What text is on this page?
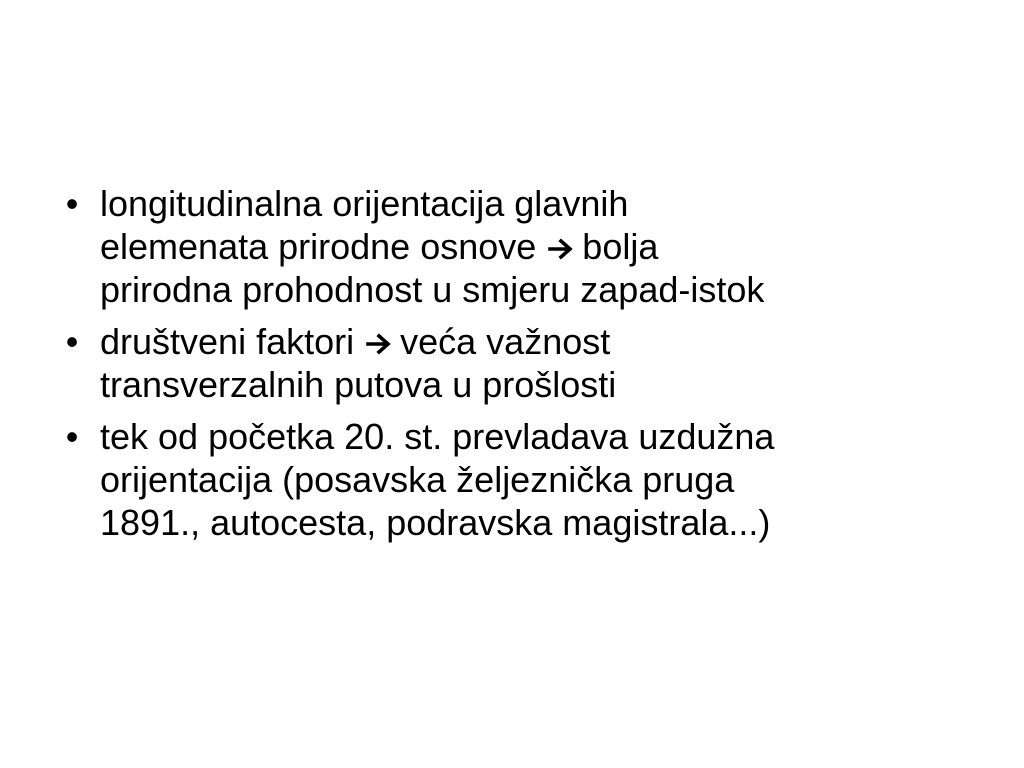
• longitudinalna orijentacija glavnih
elemenata prirodne osnove bolja
prirodna prohodnost u smjeru zapad-istok
• društveni faktori veća važnost
transverzalnih putova u prošlosti
• tek od početka 20. st. prevladava uzdužna
orijentacija (posavska željeznička pruga
1891., autocesta, podravska magistrala...)
